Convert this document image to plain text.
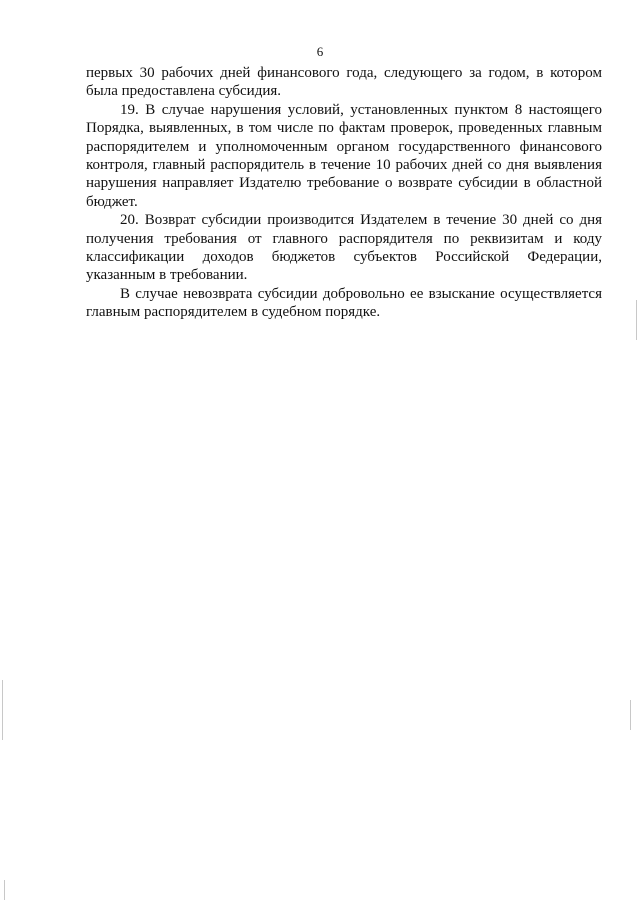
6
первых 30 рабочих дней финансового года, следующего за годом, в котором
была предоставлена субсидия.
19. В случае нарушения условий, установленных пунктом 8 настоящего
Порядка, выявленных, в том числе по фактам проверок, проведенных главным
распорядителем и уполномоченным органом государственного финансового
контроля, главный распорядитель в течение 10 рабочих дней со дня выявления
нарушения направляет Издателю требование о возврате субсидии в областной
бюджет.
20. Возврат субсидии производится Издателем в течение 30 дней со дня
получения требования от главного распорядителя по реквизитам и коду
классификации доходов бюджетов субъектов Российской Федерации,
указанным в требовании.
В случае невозврата субсидии добровольно ее взыскание осуществляется
главным распорядителем в судебном порядке.
